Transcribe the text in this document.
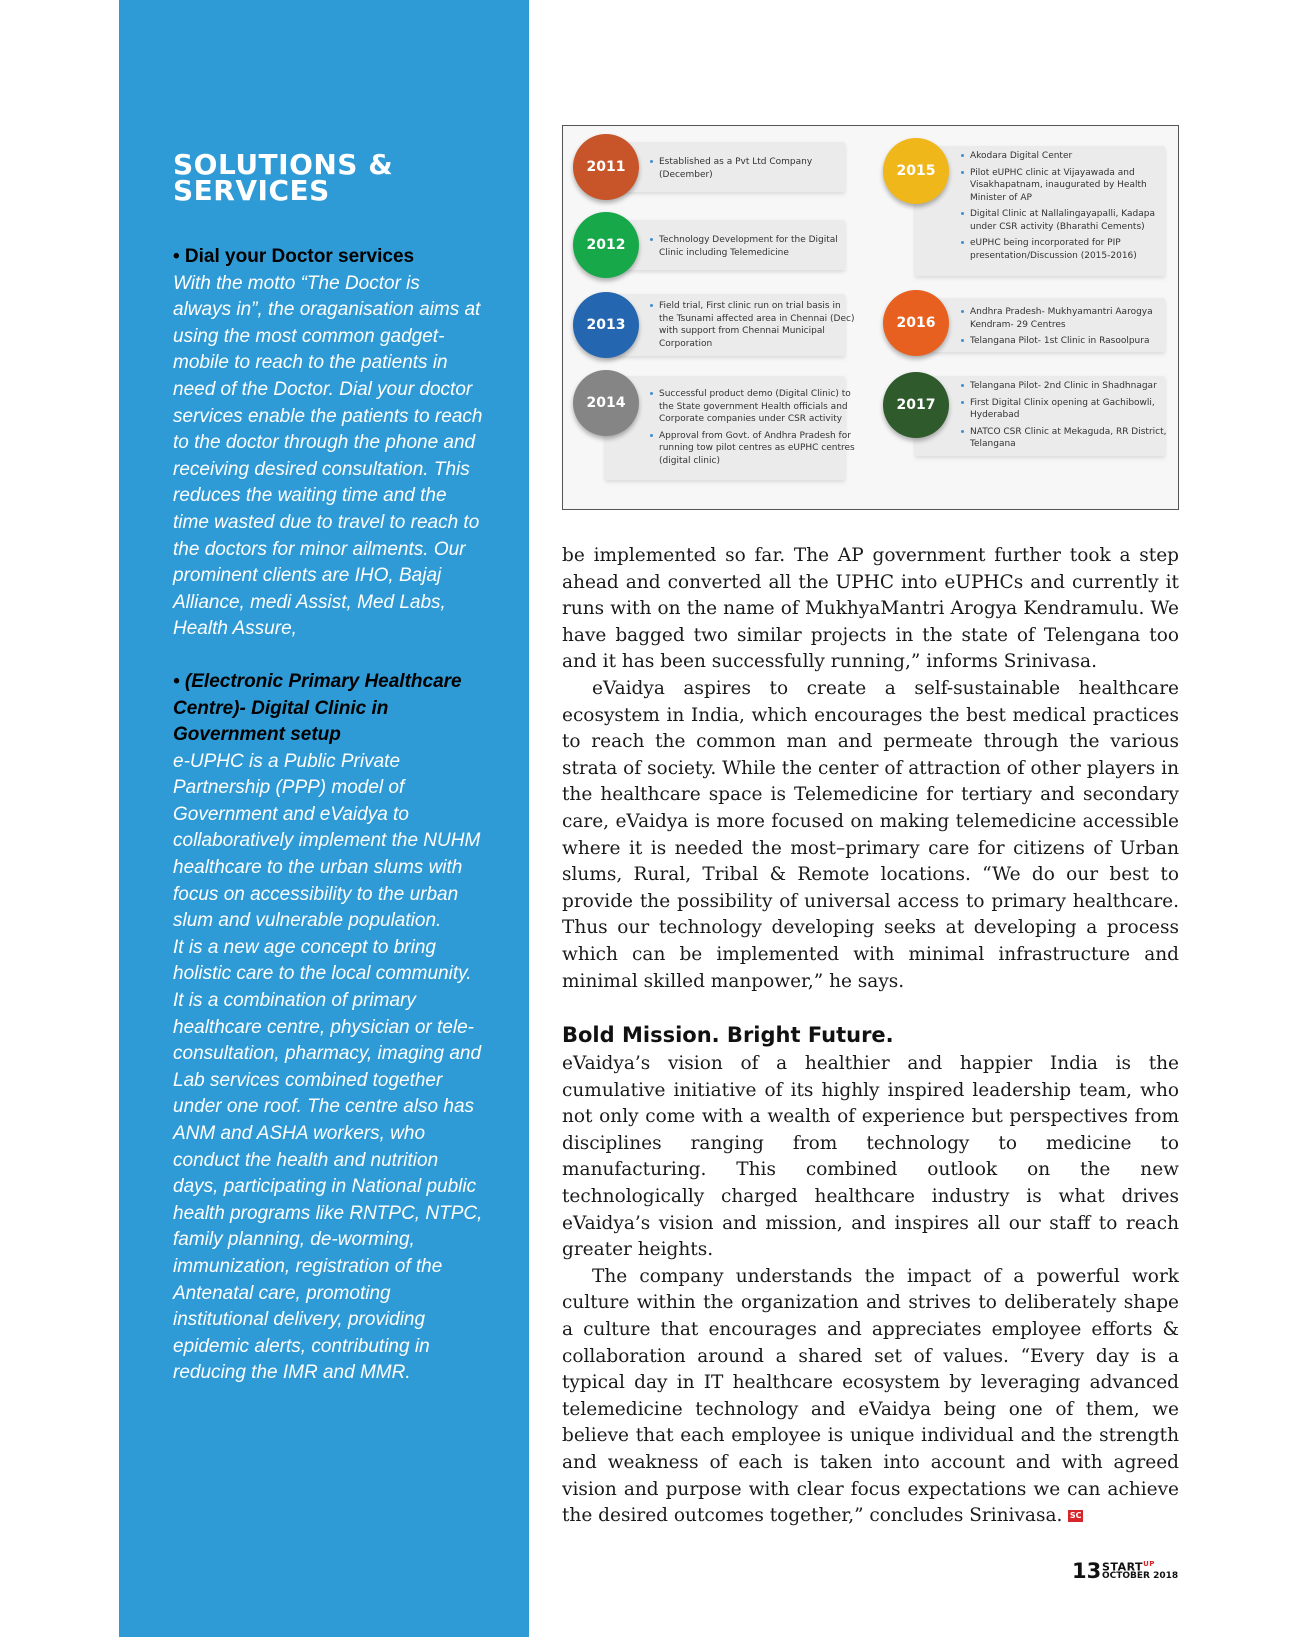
SOLUTIONS &
SERVICES
• Dial your Doctor services

With the motto “The Doctor is always in”, the oraganisation aims at using the most common gadget- mobile to reach to the patients in need of the Doctor. Dial your doctor services enable the patients to reach to the doctor through the phone and receiving desired consultation. This reduces the waiting time and the time wasted due to travel to reach to the doctors for minor ailments. Our prominent clients are IHO, Bajaj Alliance, medi Assist, Med Labs, Health Assure,

• (Electronic Primary Healthcare Centre)- Digital Clinic in Government setup

e-UPHC is a Public Private Partnership (PPP) model of Government and eVaidya to collaboratively implement the NUHM healthcare to the urban slums with focus on accessibility to the urban slum and vulnerable population.

It is a new age concept to bring holistic care to the local community. It is a combination of primary healthcare centre, physician or tele-consultation, pharmacy, imaging and Lab services combined together under one roof. The centre also has ANM and ASHA workers, who conduct the health and nutrition days, participating in National public health programs like RNTPC, NTPC, family planning, de-worming, immunization, registration of the Antenatal care, promoting institutional delivery, providing epidemic alerts, contributing in reducing the IMR and MMR.

2011	Established as a Pvt Ltd Company (December)
2012	Technology Development for the Digital Clinic including Telemedicine
2013
Field trial, First clinic run on trial basis in the Tsunami affected area in Chennai (Dec) with support from Chennai Municipal Corporation
2014
Successful product demo (Digital Clinic) to the State government Health officials and Corporate companies under CSR activity
Approval from Govt. of Andhra Pradesh for running tow pilot centres as eUPHC centres (digital clinic)
2015
Akodara Digital Center
Pilot eUPHC clinic at Vijayawada and Visakhapatnam, inaugurated by Health Minister of AP
Digital Clinic at Nallalingayapalli, Kadapa under CSR activity (Bharathi Cements)
eUPHC being incorporated for PIP presentation/Discussion (2015-2016)
2016
Andhra Pradesh- Mukhyamantri Aarogya Kendram- 29 Centres
Telangana Pilot- 1st Clinic in Rasoolpura
2017
Telangana Pilot- 2nd Clinic in Shadhnagar
First Digital Clinix opening at Gachibowli, Hyderabad
NATCO CSR Clinic at Mekaguda, RR District, Telangana

be implemented so far. The AP government further took a step ahead and converted all the UPHC into eUPHCs and currently it runs with on the name of MukhyaMantri Arogya Kendramulu. We have bagged two similar projects in the state of Telengana too and it has been successfully running,” informs Srinivasa.

eVaidya aspires to create a self-sustainable healthcare ecosystem in India, which encourages the best medical practices to reach the common man and permeate through the various strata of society. While the center of attraction of other players in the healthcare space is Telemedicine for tertiary and secondary care, eVaidya is more focused on making telemedicine accessible where it is needed the most–primary care for citizens of Urban slums, Rural, Tribal & Remote locations. “We do our best to provide the possibility of universal access to primary healthcare. Thus our technology developing seeks at developing a process which can be implemented with minimal infrastructure and minimal skilled manpower,” he says.

Bold Mission. Bright Future.

eVaidya’s vision of a healthier and happier India is the cumulative initiative of its highly inspired leadership team, who not only come with a wealth of experience but perspectives from disciplines ranging from technology to medicine to manufacturing. This combined outlook on the new technologically charged healthcare industry is what drives eVaidya’s vision and mission, and inspires all our staff to reach greater heights.

The company understands the impact of a powerful work culture within the organization and strives to deliberately shape a culture that encourages and appreciates employee efforts & collaboration around a shared set of values. “Every day is a typical day in IT healthcare ecosystem by leveraging advanced telemedicine technology and eVaidya being one of them, we believe that each employee is unique individual and the strength and weakness of each is taken into account and with agreed vision and purpose with clear focus expectations we can achieve the desired outcomes together,” concludes Srinivasa. SC

13 $START^{UP}$
OCTOBER 2018
